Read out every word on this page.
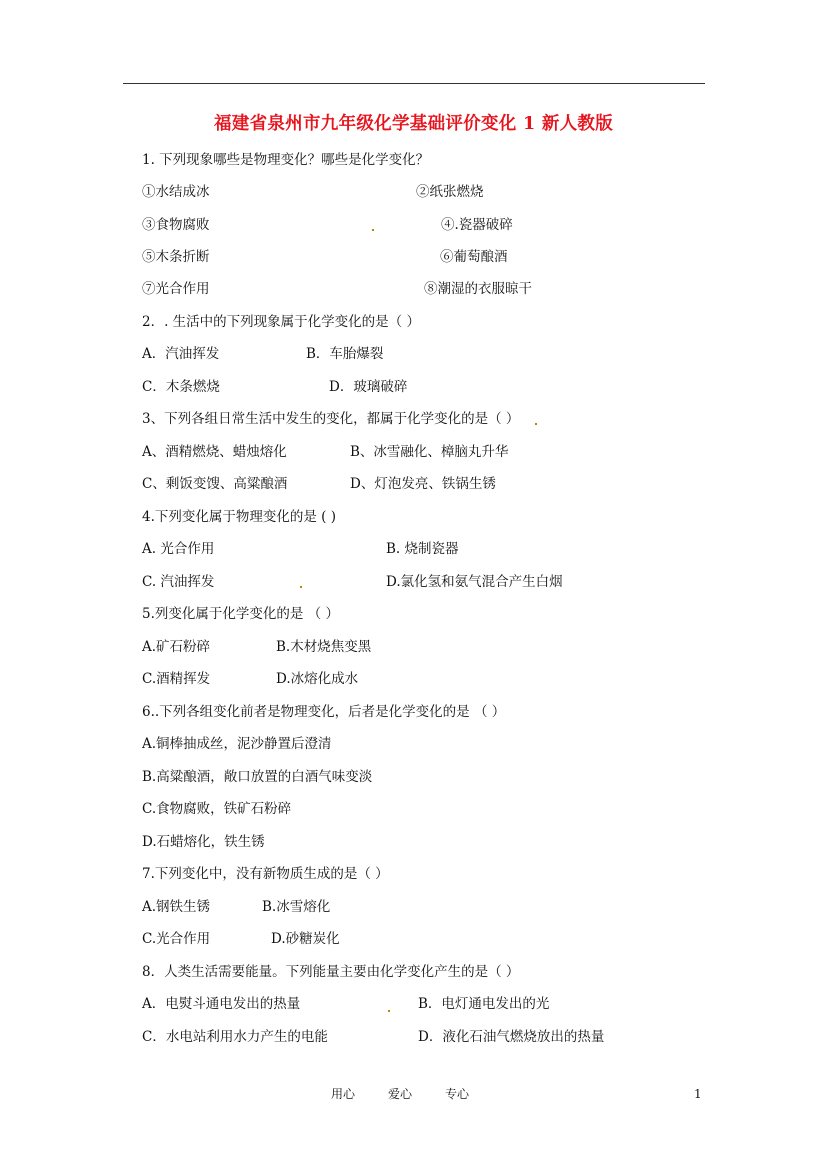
福建省泉州市九年级化学基础评价变化 1 新人教版
1. 下列现象哪些是物理变化？哪些是化学变化？
①水结成冰	②纸张燃烧
③食物腐败	④.瓷器破碎
⑤木条折断	⑥葡萄酿酒
⑦光合作用	⑧潮湿的衣服晾干
2．. 生活中的下列现象属于化学变化的是（ ）
A．汽油挥发	B．车胎爆裂
C．木条燃烧	D．玻璃破碎
3、下列各组日常生活中发生的变化，都属于化学变化的是（ ）
A、酒精燃烧、蜡烛熔化	B、冰雪融化、樟脑丸升华
C、剩饭变馊、高粱酿酒	D、灯泡发亮、铁锅生锈
4.下列变化属于物理变化的是 ( )
A. 光合作用	B. 烧制瓷器
C. 汽油挥发	D.氯化氢和氨气混合产生白烟
5.列变化属于化学变化的是 （ ）
A.矿石粉碎	B.木材烧焦变黑
C.酒精挥发	D.冰熔化成水
6..下列各组变化前者是物理变化，后者是化学变化的是 （ ）
A.铜棒抽成丝，泥沙静置后澄清
B.高粱酿酒，敞口放置的白酒气味变淡
C.食物腐败，铁矿石粉碎
D.石蜡熔化，铁生锈
7.下列变化中，没有新物质生成的是（ ）
A.钢铁生锈	B.冰雪熔化
C.光合作用	D.砂糖炭化
8．人类生活需要能量。下列能量主要由化学变化产生的是（ ）
A．电熨斗通电发出的热量	B．电灯通电发出的光
C．水电站利用水力产生的电能	D．液化石油气燃烧放出的热量
用心	爱心	专心	1
